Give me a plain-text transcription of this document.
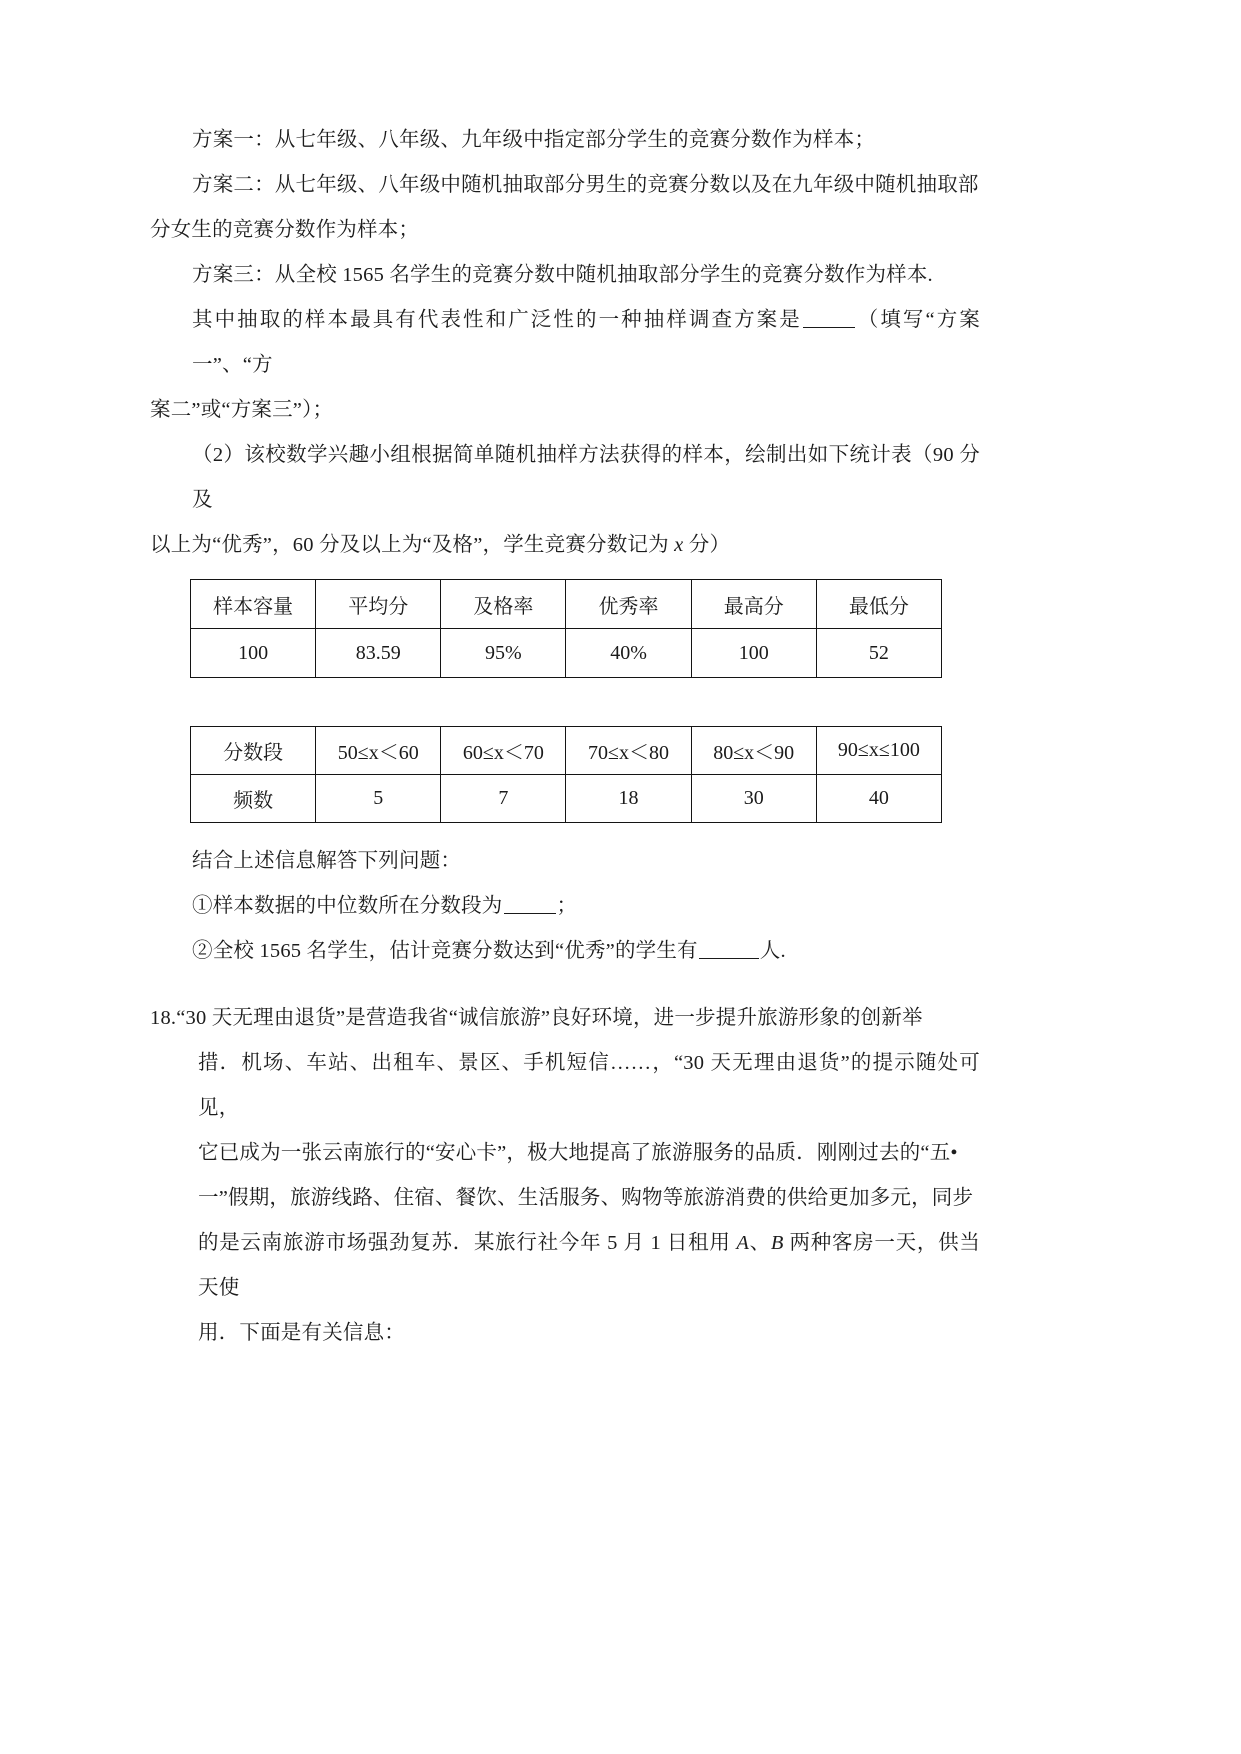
方案一：从七年级、八年级、九年级中指定部分学生的竞赛分数作为样本；

方案二：从七年级、八年级中随机抽取部分男生的竞赛分数以及在九年级中随机抽取部

分女生的竞赛分数作为样本；

方案三：从全校 1565 名学生的竞赛分数中随机抽取部分学生的竞赛分数作为样本.

其中抽取的样本最具有代表性和广泛性的一种抽样调查方案是	（填写“方案一”、“方

案二”或“方案三”）；

（2）该校数学兴趣小组根据简单随机抽样方法获得的样本，绘制出如下统计表（90 分及

以上为“优秀”，60 分及以上为“及格”，学生竞赛分数记为 x 分）

样本容量	平均分	及格率	优秀率	最高分	最低分
100	83.59	95%	40%	100	52
分数段	50≤x＜60	60≤x＜70	70≤x＜80	80≤x＜90	90≤x≤100
频数	5	7	18	30	40

结合上述信息解答下列问题：

①样本数据的中位数所在分数段为	；

②全校 1565 名学生，估计竞赛分数达到“优秀”的学生有	人.

18.“30 天无理由退货”是营造我省“诚信旅游”良好环境，进一步提升旅游形象的创新举

措．机场、车站、出租车、景区、手机短信……，“30 天无理由退货”的提示随处可见，

它已成为一张云南旅行的“安心卡”，极大地提高了旅游服务的品质．刚刚过去的“五•

一”假期，旅游线路、住宿、餐饮、生活服务、购物等旅游消费的供给更加多元，同步

的是云南旅游市场强劲复苏．某旅行社今年 5 月 1 日租用 A、B 两种客房一天，供当天使

用．下面是有关信息：
